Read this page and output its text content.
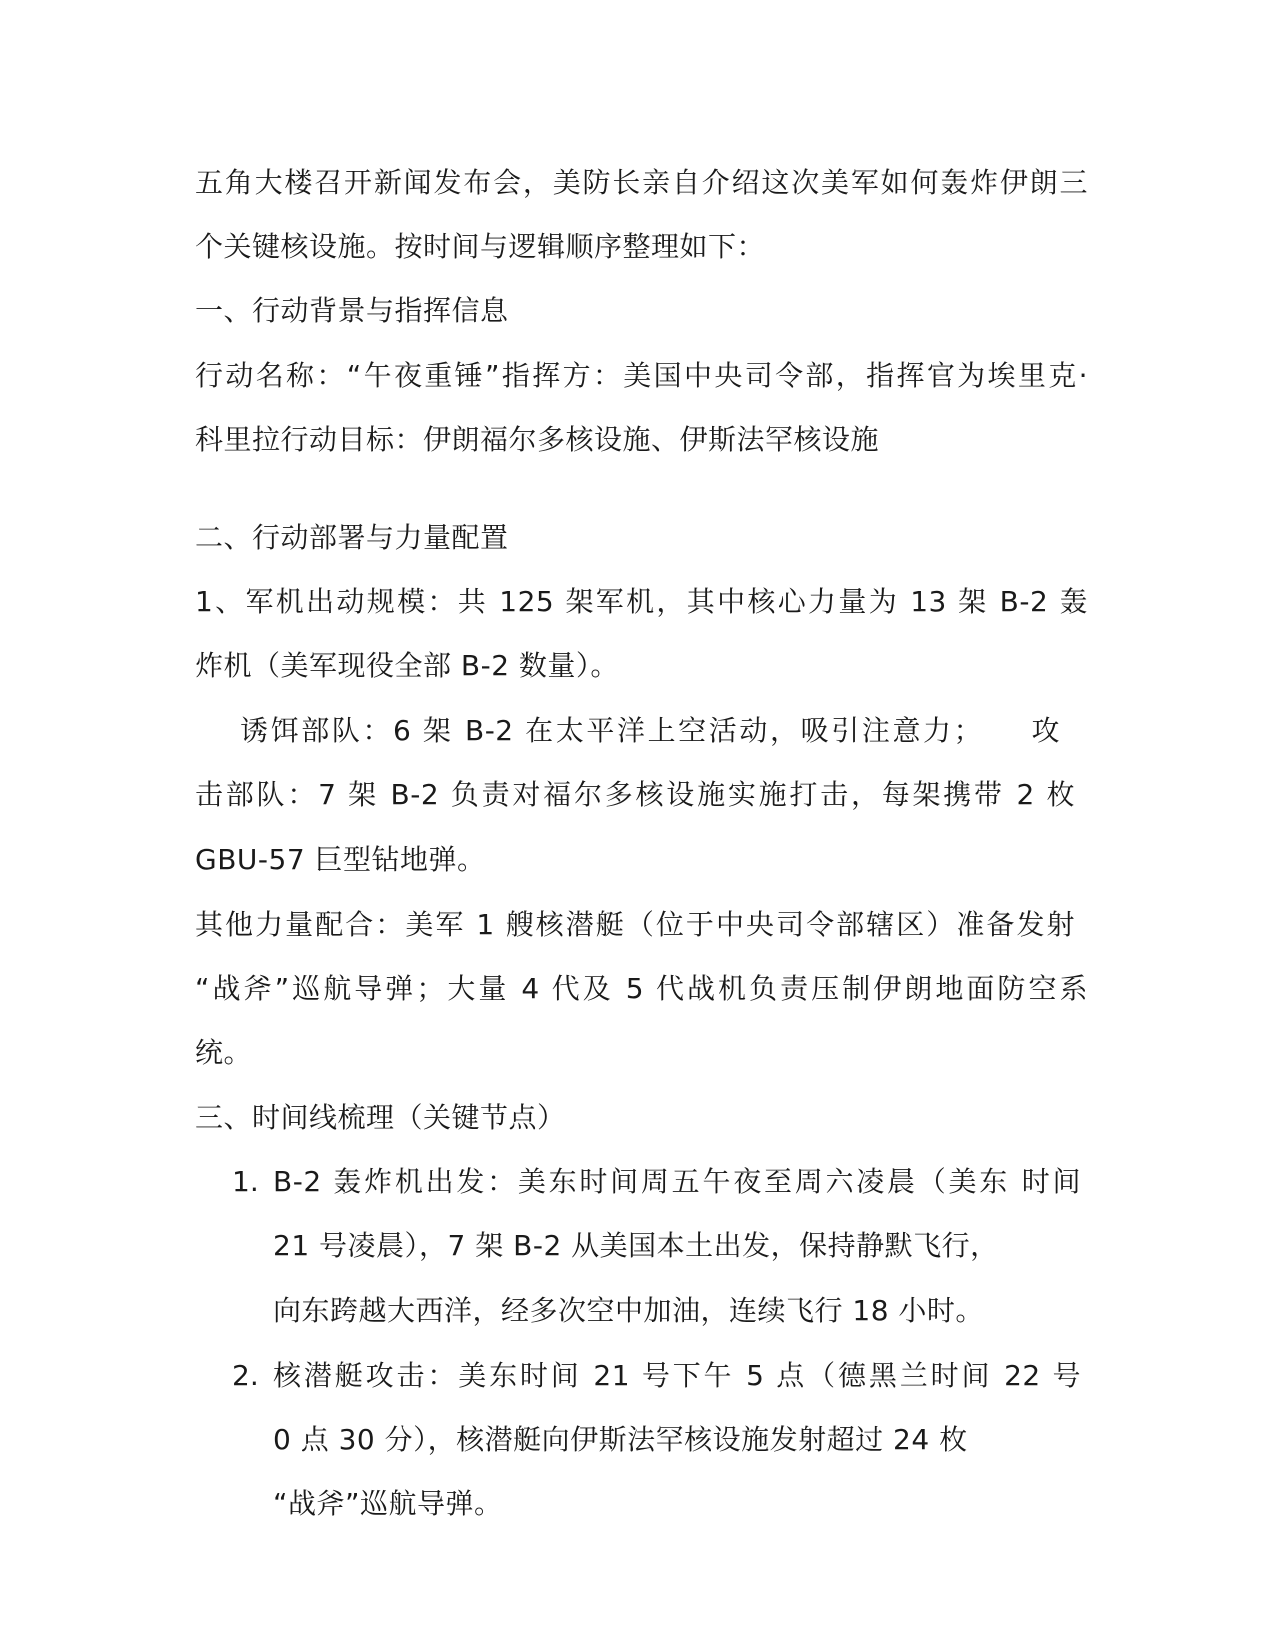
五角大楼召开新闻发布会，美防长亲自介绍这次美军如何轰炸伊朗三
个关键核设施。按时间与逻辑顺序整理如下：
一、行动背景与指挥信息
行动名称：“午夜重锤”指挥方：美国中央司令部，指挥官为埃里克·
科里拉行动目标：伊朗福尔多核设施、伊斯法罕核设施
二、行动部署与力量配置
1、军机出动规模：共 125 架军机，其中核心力量为 13 架 B-2 轰
炸机（美军现役全部 B-2 数量）。
诱饵部队：6 架 B-2 在太平洋上空活动，吸引注意力；　　攻
击部队：7 架 B-2 负责对福尔多核设施实施打击，每架携带 2 枚
GBU-57 巨型钻地弹。
其他力量配合：美军 1 艘核潜艇（位于中央司令部辖区）准备发射
“战斧”巡航导弹；大量 4 代及 5 代战机负责压制伊朗地面防空系
统。
三、时间线梳理（关键节点）
1. B-2 轰炸机出发：美东时间周五午夜至周六凌晨（美东 时间
21 号凌晨），7 架 B-2 从美国本土出发，保持静默飞行，
向东跨越大西洋，经多次空中加油，连续飞行 18 小时。
2. 核潜艇攻击：美东时间 21 号下午 5 点（德黑兰时间 22 号
0 点 30 分），核潜艇向伊斯法罕核设施发射超过 24 枚
“战斧”巡航导弹。
